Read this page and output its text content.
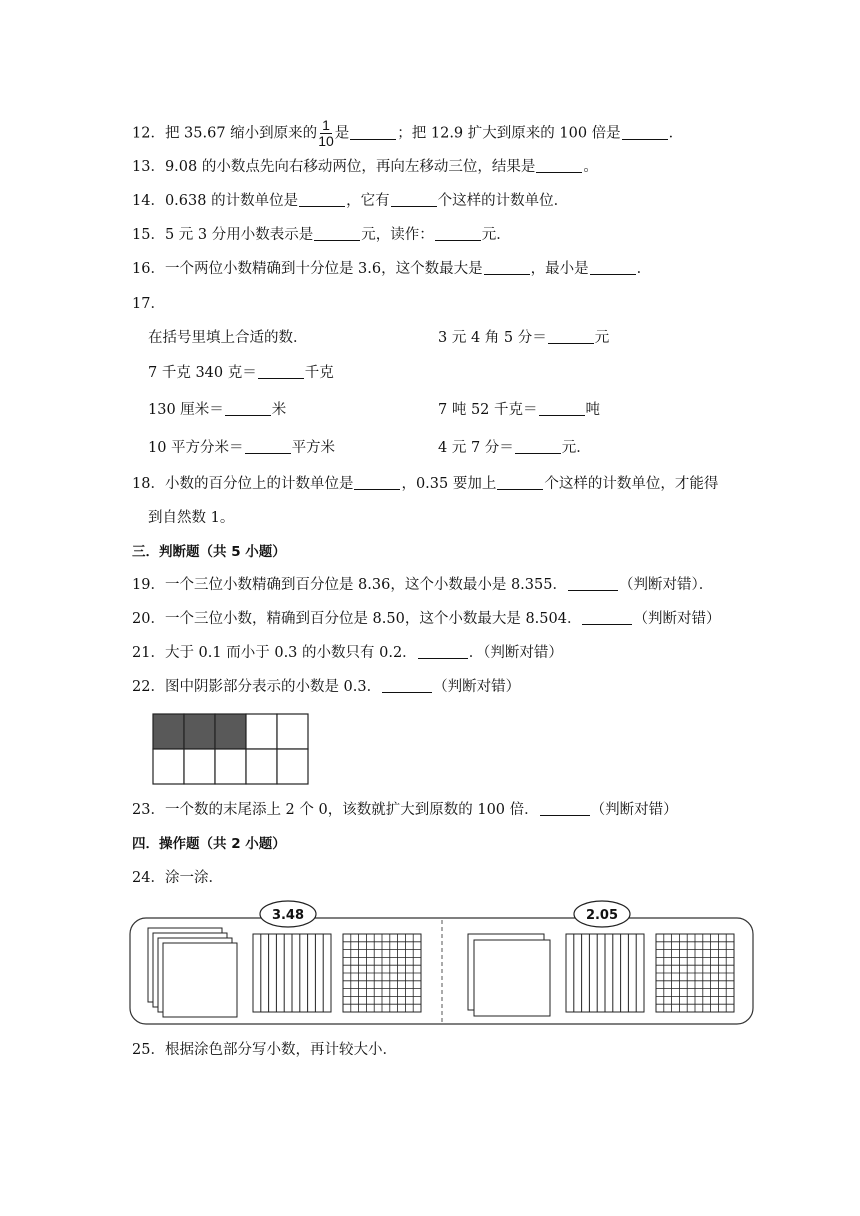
12．把 35.67 缩小到原来的 $\frac{1}{10}$ 是	；把 12.9 扩大到原来的 100 倍是	．
13．9.08 的小数点先向右移动两位，再向左移动三位，结果是	。
14．0.638 的计数单位是	，它有	个这样的计数单位．
15．5 元 3 分用小数表示是	元，读作：	元．
16．一个两位小数精确到十分位是 3.6，这个数最大是	，最小是	．
17．
在括号里填上合适的数．	3 元 4 角 5 分＝	元
7 千克 340 克＝	千克
130 厘米＝	米	7 吨 52 千克＝	吨
10 平方分米＝	平方米	4 元 7 分＝	元．
18．小数的百分位上的计数单位是	，0.35 要加上	个这样的计数单位，才能得
到自然数 1。
三．判断题（共 5 小题）
19．一个三位小数精确到百分位是 8.36，这个小数最小是 8.355．	（判断对错）．
20．一个三位小数，精确到百分位是 8.50，这个小数最大是 8.504．	（判断对错）
21．大于 0.1 而小于 0.3 的小数只有 0.2．	．（判断对错）
22．图中阴影部分表示的小数是 0.3．	（判断对错）
23．一个数的末尾添上 2 个 0，该数就扩大到原数的 100 倍．	（判断对错）
四．操作题（共 2 小题）
24．涂一涂．
3.48	2.05
25．根据涂色部分写小数，再计较大小．
